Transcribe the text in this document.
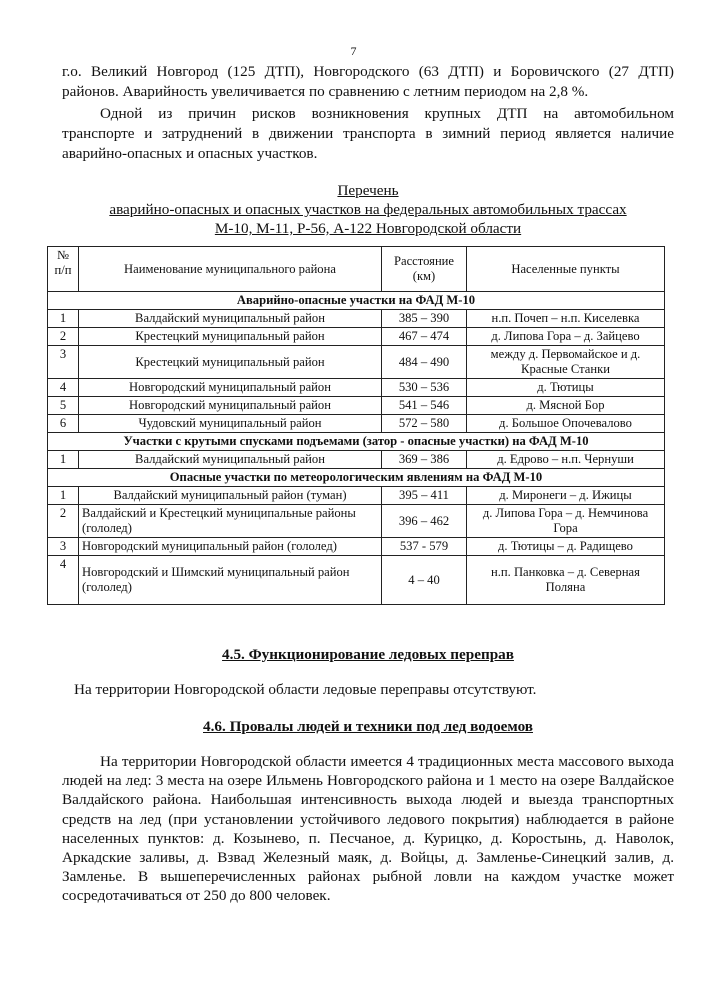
7

г.о. Великий Новгород (125 ДТП), Новгородского (63 ДТП) и Боровичского (27 ДТП)

районов. Аварийность увеличивается по сравнению с летним периодом на 2,8 %.

Одной из причин рисков возникновения крупных ДТП на автомобильном

транспорте и затруднений в движении транспорта в зимний период является наличие

аварийно-опасных и опасных участков.

Перечень
аварийно-опасных и опасных участков на федеральных автомобильных трассах
М-10, М-11, Р-56, А-122 Новгородской области
№ п/п	Наименование муниципального района	Расстояние (км)	Населенные пункты
Аварийно-опасные участки на ФАД М-10			
1	Валдайский муниципальный район	385 – 390	н.п. Почеп – н.п. Киселевка
2	Крестецкий муниципальный район	467 – 474	д. Липова Гора – д. Зайцево
3	Крестецкий муниципальный район	484 – 490	между д. Первомайское и д. Красные Станки
4	Новгородский муниципальный район	530 – 536	д. Тютицы
5	Новгородский муниципальный район	541 – 546	д. Мясной Бор
6	Чудовский муниципальный район	572 – 580	д. Большое Опочевалово
Участки с крутыми спусками подъемами (затор - опасные участки) на ФАД М-10			
1	Валдайский муниципальный район	369 – 386	д. Едрово – н.п. Чернуши
Опасные участки по метеорологическим явлениям на ФАД М-10			
1	Валдайский муниципальный район (туман)	395 – 411	д. Миронеги – д. Ижицы
2	Валдайский и Крестецкий муниципальные районы (гололед)	396 – 462	д. Липова Гора – д. Немчинова Гора
3	Новгородский муниципальный район (гололед)	537 - 579	д. Тютицы – д. Радищево
4	Новгородский и Шимский муниципальный район (гололед)	4 – 40	н.п. Панковка – д. Северная Поляна
4.5. Функционирование ледовых переправ

На территории Новгородской области ледовые переправы отсутствуют.

4.6. Провалы людей и техники под лед водоемов

На территории Новгородской области имеется 4 традиционных места массового выхода людей на лед: 3 места на озере Ильмень Новгородского района и 1 место на озере Валдайское Валдайского района. Наибольшая интенсивность выхода людей и выезда транспортных средств на лед (при установлении устойчивого ледового покрытия) наблюдается в районе населенных пунктов: д. Козынево, п. Песчаное, д. Курицко, д. Коростынь, д. Наволок, Аркадские заливы, д. Взвад Железный маяк, д. Войцы, д. Замленье-Синецкий залив, д. Замленье. В вышеперечисленных районах рыбной ловли на каждом участке может сосредотачиваться от 250 до 800 человек.
